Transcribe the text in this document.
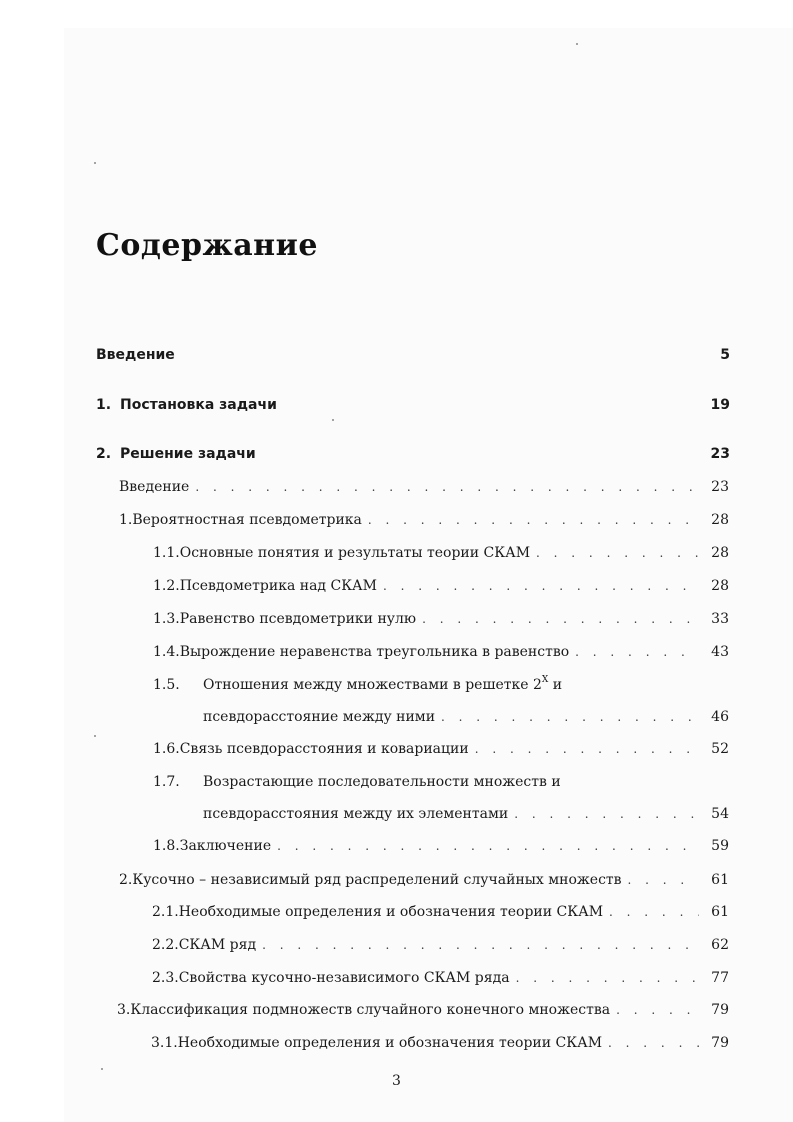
Содержание
Введение	5
1. Постановка задачи	19
2. Решение задачи	23
Введение . . .	23
1. Вероятностная псевдометрика . . .	28
1.1. Основные понятия и результаты теории СКАМ . . .	28
1.2. Псевдометрика над СКАМ . . .	28
1.3. Равенство псевдометрики нулю . . .	33
1.4. Вырождение неравенства треугольника в равенство . . .	43
1.5.	Отношения между множествами в решетке $2^X$ и
псевдорасстояние между ними . . .	46
1.6. Связь псевдорасстояния и ковариации . . .	52
1.7.	Возрастающие последовательности множеств и
псевдорасстояния между их элементами . . .	54
1.8. Заключение . . .	59
2. Кусочно – независимый ряд распределений случайных множеств . . .	61
2.1. Необходимые определения и обозначения теории СКАМ . . .	61
2.2. СКАМ ряд . . .	62
2.3. Свойства кусочно-независимого СКАМ ряда . . .	77
3. Классификация подмножеств случайного конечного множества . . .	79
3.1. Необходимые определения и обозначения теории СКАМ . . .	79
3
